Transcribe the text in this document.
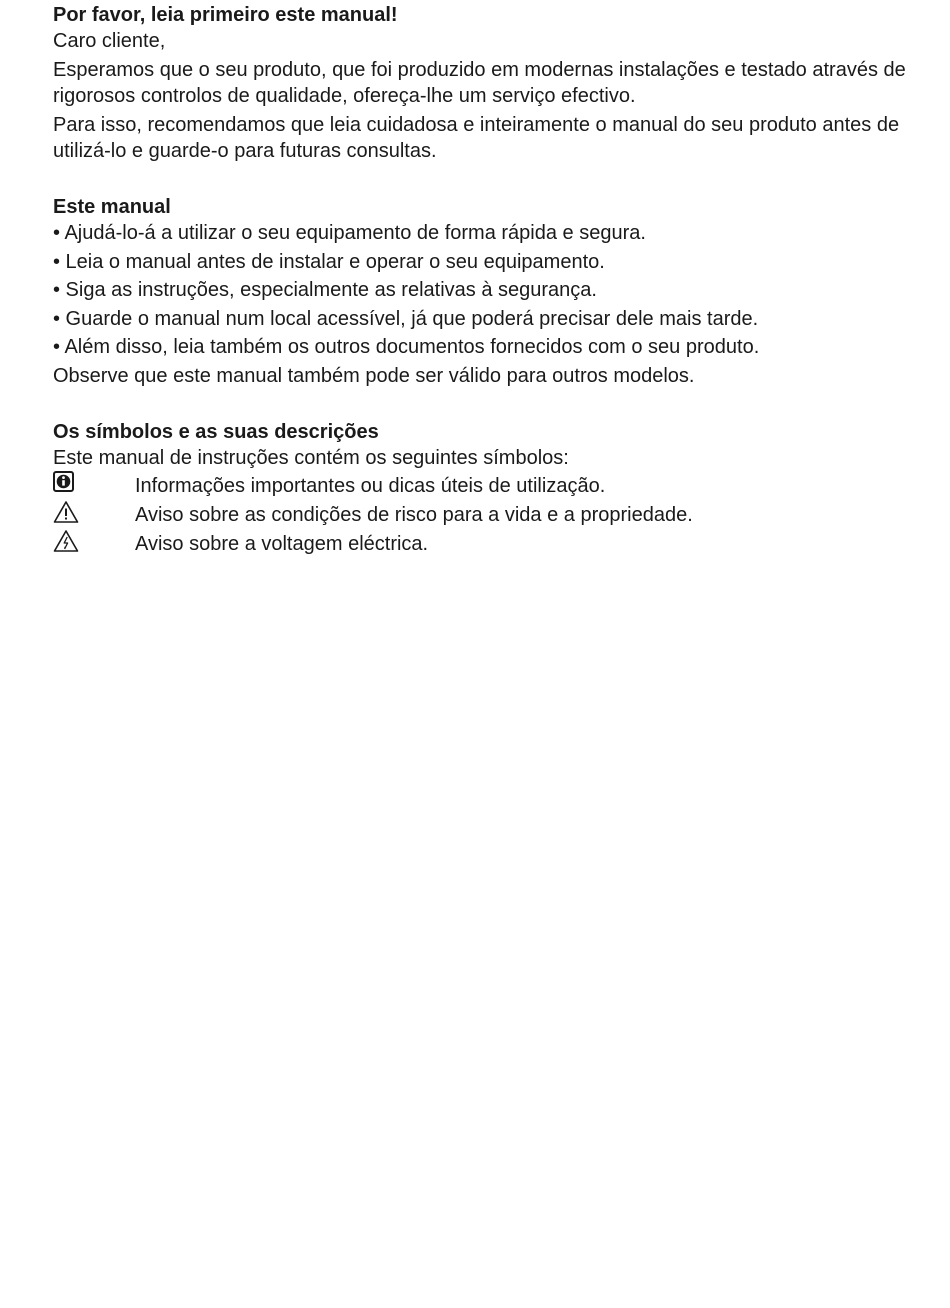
Por favor, leia primeiro este manual!

Caro cliente,

Esperamos que o seu produto, que foi produzido em modernas instalações e testado através de rigorosos controlos de qualidade, ofereça-lhe um serviço efectivo.

Para isso, recomendamos que leia cuidadosa e inteiramente o manual do seu produto antes de utilizá-lo e guarde-o para futuras consultas.

Este manual

• Ajudá-lo-á a utilizar o seu equipamento de forma rápida e segura.
• Leia o manual antes de instalar e operar o seu equipamento.
• Siga as instruções, especialmente as relativas à segurança.
• Guarde o manual num local acessível, já que poderá precisar dele mais tarde.
• Além disso, leia também os outros documentos fornecidos com o seu produto.

Observe que este manual também pode ser válido para outros modelos.

Os símbolos e as suas descrições

Este manual de instruções contém os seguintes símbolos:

Informações importantes ou dicas úteis de utilização.
Aviso sobre as condições de risco para a vida e a propriedade.
Aviso sobre a voltagem eléctrica.
